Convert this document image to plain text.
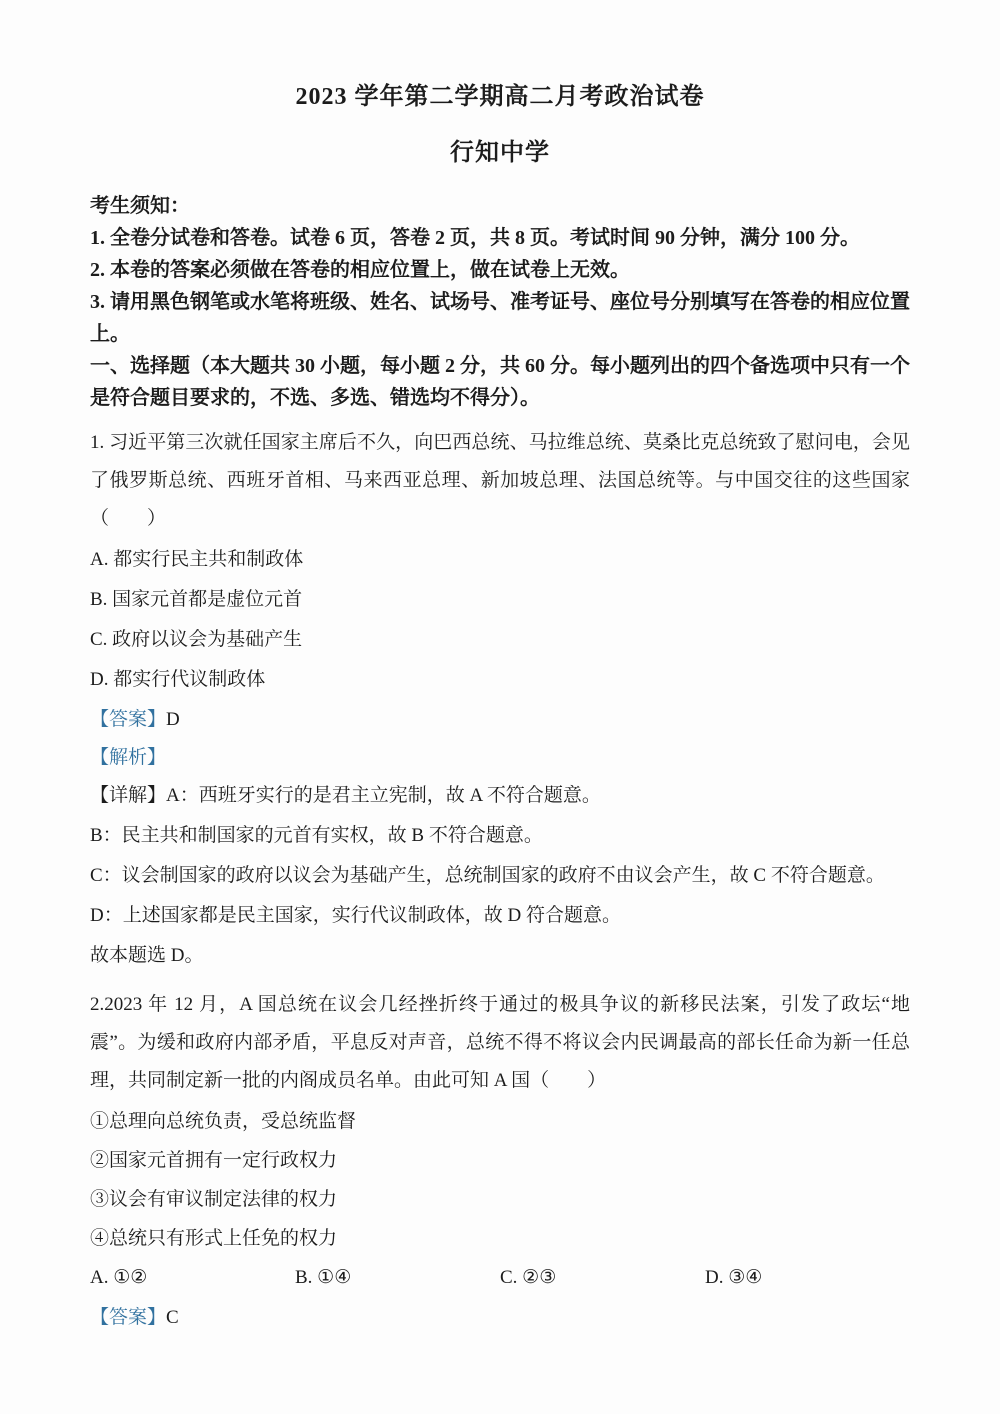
2023 学年第二学期高二月考政治试卷
行知中学
考生须知：
1. 全卷分试卷和答卷。试卷 6 页，答卷 2 页，共 8 页。考试时间 90 分钟，满分 100 分。
2. 本卷的答案必须做在答卷的相应位置上，做在试卷上无效。
3. 请用黑色钢笔或水笔将班级、姓名、试场号、准考证号、座位号分别填写在答卷的相应位置上。
一、选择题（本大题共 30 小题，每小题 2 分，共 60 分。每小题列出的四个备选项中只有一个是符合题目要求的，不选、多选、错选均不得分）。
1. 习近平第三次就任国家主席后不久，向巴西总统、马拉维总统、莫桑比克总统致了慰问电，会见了俄罗斯总统、西班牙首相、马来西亚总理、新加坡总理、法国总统等。与中国交往的这些国家（　　）
A. 都实行民主共和制政体
B. 国家元首都是虚位元首
C. 政府以议会为基础产生
D. 都实行代议制政体
【答案】D
【解析】
【详解】A：西班牙实行的是君主立宪制，故 A 不符合题意。
B：民主共和制国家的元首有实权，故 B 不符合题意。
C：议会制国家的政府以议会为基础产生，总统制国家的政府不由议会产生，故 C 不符合题意。
D：上述国家都是民主国家，实行代议制政体，故 D 符合题意。
故本题选 D。
2.2023 年 12 月，A 国总统在议会几经挫折终于通过的极具争议的新移民法案，引发了政坛“地震”。为缓和政府内部矛盾，平息反对声音，总统不得不将议会内民调最高的部长任命为新一任总理，共同制定新一批的内阁成员名单。由此可知 A 国（　　）
①总理向总统负责，受总统监督
②国家元首拥有一定行政权力
③议会有审议制定法律的权力
④总统只有形式上任免的权力
A. ①②	B. ①④	C. ②③	D. ③④
【答案】C
